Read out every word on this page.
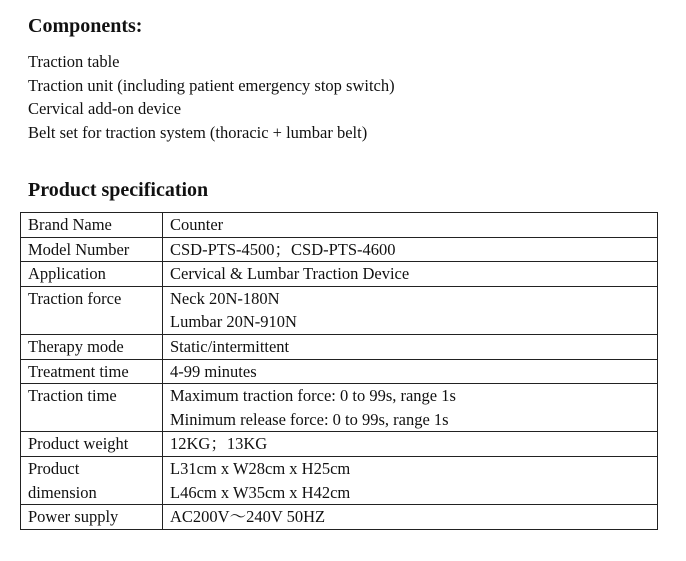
Components:
Traction table
Traction unit (including patient emergency stop switch)
Cervical add-on device
Belt set for traction system (thoracic + lumbar belt)
Product specification
Brand Name	Counter

Model Number	CSD-PTS-4500；CSD-PTS-4600

Application	Cervical & Lumbar Traction Device

Traction force	Neck 20N-180N
Lumbar 20N-910N

Therapy mode	Static/intermittent

Treatment time	4-99 minutes

Traction time	Maximum traction force: 0 to 99s, range 1s
Minimum release force: 0 to 99s, range 1s

Product weight	12KG；13KG

Product
dimension	L31cm x W28cm x H25cm
L46cm x W35cm x H42cm

Power supply	AC200V～240V 50HZ
